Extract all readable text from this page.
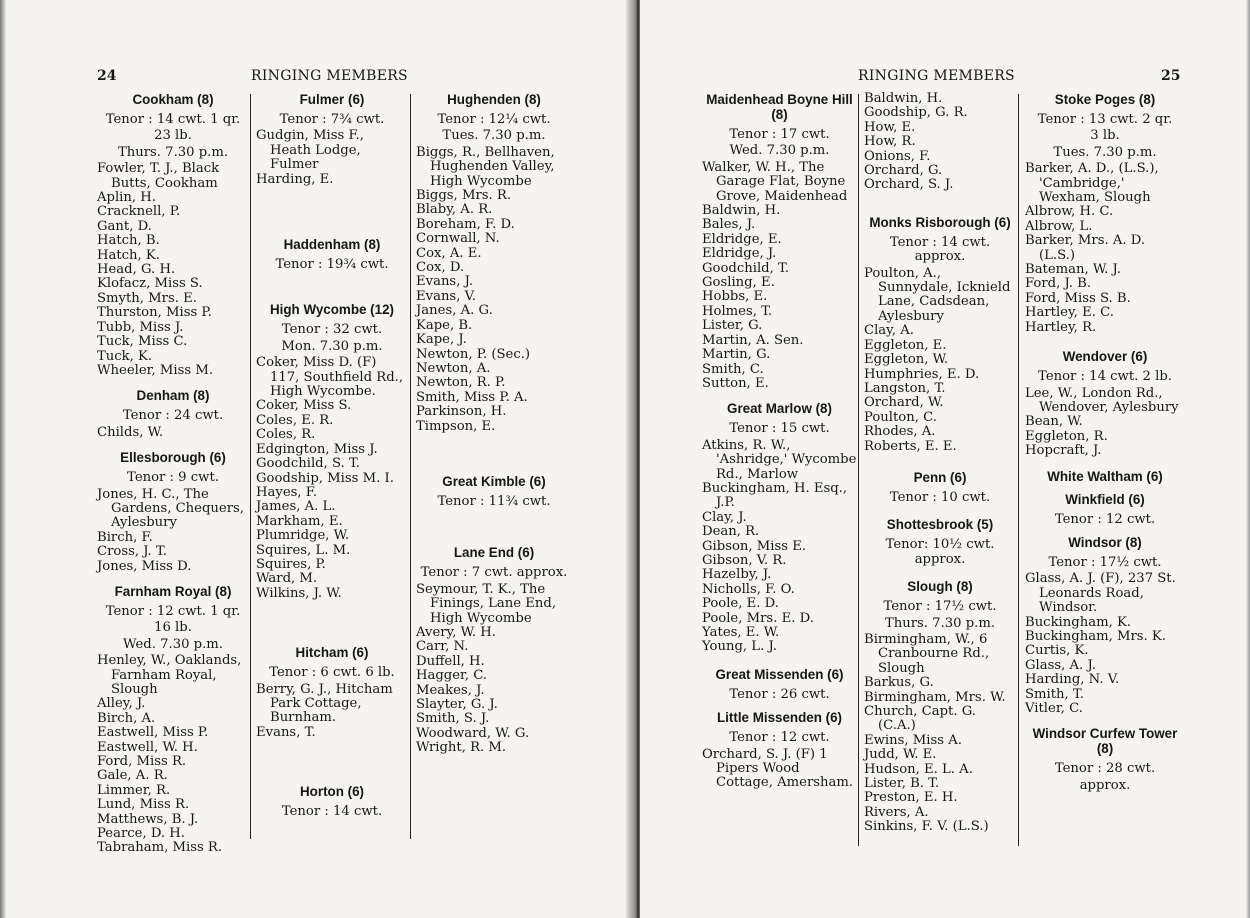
24	RINGING MEMBERS
Cookham (8)
Tenor : 14 cwt. 1 qr.
23 lb.
Thurs. 7.30 p.m.
Fowler, T. J., Black Butts, Cookham
Aplin, H.
Cracknell, P.
Gant, D.
Hatch, B.
Hatch, K.
Head, G. H.
Klofacz, Miss S.
Smyth, Mrs. E.
Thurston, Miss P.
Tubb, Miss J.
Tuck, Miss C.
Tuck, K.
Wheeler, Miss M.
Denham (8)
Tenor : 24 cwt.
Childs, W.
Ellesborough (6)
Tenor : 9 cwt.
Jones, H. C., The Gardens, Chequers, Aylesbury
Birch, F.
Cross, J. T.
Jones, Miss D.
Farnham Royal (8)
Tenor : 12 cwt. 1 qr.
16 lb.
Wed. 7.30 p.m.
Henley, W., Oaklands, Farnham Royal, Slough
Alley, J.
Birch, A.
Eastwell, Miss P.
Eastwell, W. H.
Ford, Miss R.
Gale, A. R.
Limmer, R.
Lund, Miss R.
Matthews, B. J.
Pearce, D. H.
Tabraham, Miss R.
Fulmer (6)
Tenor : 7¾ cwt.
Gudgin, Miss F., Heath Lodge, Fulmer
Harding, E.
Haddenham (8)
Tenor : 19¾ cwt.
High Wycombe (12)
Tenor : 32 cwt.
Mon. 7.30 p.m.
Coker, Miss D. (F) 117, Southfield Rd., High Wycombe.
Coker, Miss S.
Coles, E. R.
Coles, R.
Edgington, Miss J.
Goodchild, S. T.
Goodship, Miss M. I.
Hayes, F.
James, A. L.
Markham, E.
Plumridge, W.
Squires, L. M.
Squires, P.
Ward, M.
Wilkins, J. W.
Hitcham (6)
Tenor : 6 cwt. 6 lb.
Berry, G. J., Hitcham Park Cottage, Burnham.
Evans, T.
Horton (6)
Tenor : 14 cwt.
Hughenden (8)
Tenor : 12¼ cwt.
Tues. 7.30 p.m.
Biggs, R., Bellhaven, Hughenden Valley, High Wycombe
Biggs, Mrs. R.
Blaby, A. R.
Boreham, F. D.
Cornwall, N.
Cox, A. E.
Cox, D.
Evans, J.
Evans, V.
Janes, A. G.
Kape, B.
Kape, J.
Newton, P. (Sec.)
Newton, A.
Newton, R. P.
Smith, Miss P. A.
Parkinson, H.
Timpson, E.
Great Kimble (6)
Tenor : 11¾ cwt.
Lane End (6)
Tenor : 7 cwt. approx.
Seymour, T. K., The Finings, Lane End, High Wycombe
Avery, W. H.
Carr, N.
Duffell, H.
Hagger, C.
Meakes, J.
Slayter, G. J.
Smith, S. J.
Woodward, W. G.
Wright, R. M.
RINGING MEMBERS	25
Maidenhead Boyne Hill (8)
Tenor : 17 cwt.
Wed. 7.30 p.m.
Walker, W. H., The Garage Flat, Boyne Grove, Maidenhead
Baldwin, H.
Bales, J.
Eldridge, E.
Eldridge, J.
Goodchild, T.
Gosling, E.
Hobbs, E.
Holmes, T.
Lister, G.
Martin, A. Sen.
Martin, G.
Smith, C.
Sutton, E.
Great Marlow (8)
Tenor : 15 cwt.
Atkins, R. W., 'Ashridge,' Wycombe Rd., Marlow
Buckingham, H. Esq., J.P.
Clay, J.
Dean, R.
Gibson, Miss E.
Gibson, V. R.
Hazelby, J.
Nicholls, F. O.
Poole, E. D.
Poole, Mrs. E. D.
Yates, E. W.
Young, L. J.
Great Missenden (6)
Tenor : 26 cwt.
Little Missenden (6)
Tenor : 12 cwt.
Orchard, S. J. (F) 1 Pipers Wood Cottage, Amersham.
Baldwin, H.
Goodship, G. R.
How, E.
How, R.
Onions, F.
Orchard, G.
Orchard, S. J.
Monks Risborough (6)
Tenor : 14 cwt. approx.
Poulton, A., Sunnydale, Icknield Lane, Cadsdean, Aylesbury
Clay, A.
Eggleton, E.
Eggleton, W.
Humphries, E. D.
Langston, T.
Orchard, W.
Poulton, C.
Rhodes, A.
Roberts, E. E.
Penn (6)
Tenor : 10 cwt.
Shottesbrook (5)
Tenor: 10½ cwt. approx.
Slough (8)
Tenor : 17½ cwt.
Thurs. 7.30 p.m.
Birmingham, W., 6 Cranbourne Rd., Slough
Barkus, G.
Birmingham, Mrs. W.
Church, Capt. G. (C.A.)
Ewins, Miss A.
Judd, W. E.
Hudson, E. L. A.
Lister, B. T.
Preston, E. H.
Rivers, A.
Sinkins, F. V. (L.S.)
Stoke Poges (8)
Tenor : 13 cwt. 2 qr.
3 lb.
Tues. 7.30 p.m.
Barker, A. D., (L.S.), 'Cambridge,' Wexham, Slough
Albrow, H. C.
Albrow, L.
Barker, Mrs. A. D. (L.S.)
Bateman, W. J.
Ford, J. B.
Ford, Miss S. B.
Hartley, E. C.
Hartley, R.
Wendover (6)
Tenor : 14 cwt. 2 lb.
Lee, W., London Rd., Wendover, Aylesbury
Bean, W.
Eggleton, R.
Hopcraft, J.
White Waltham (6)
Winkfield (6)
Tenor : 12 cwt.
Windsor (8)
Tenor : 17½ cwt.
Glass, A. J. (F), 237 St. Leonards Road, Windsor.
Buckingham, K.
Buckingham, Mrs. K.
Curtis, K.
Glass, A. J.
Harding, N. V.
Smith, T.
Vitler, C.
Windsor Curfew Tower (8)
Tenor : 28 cwt.
approx.
